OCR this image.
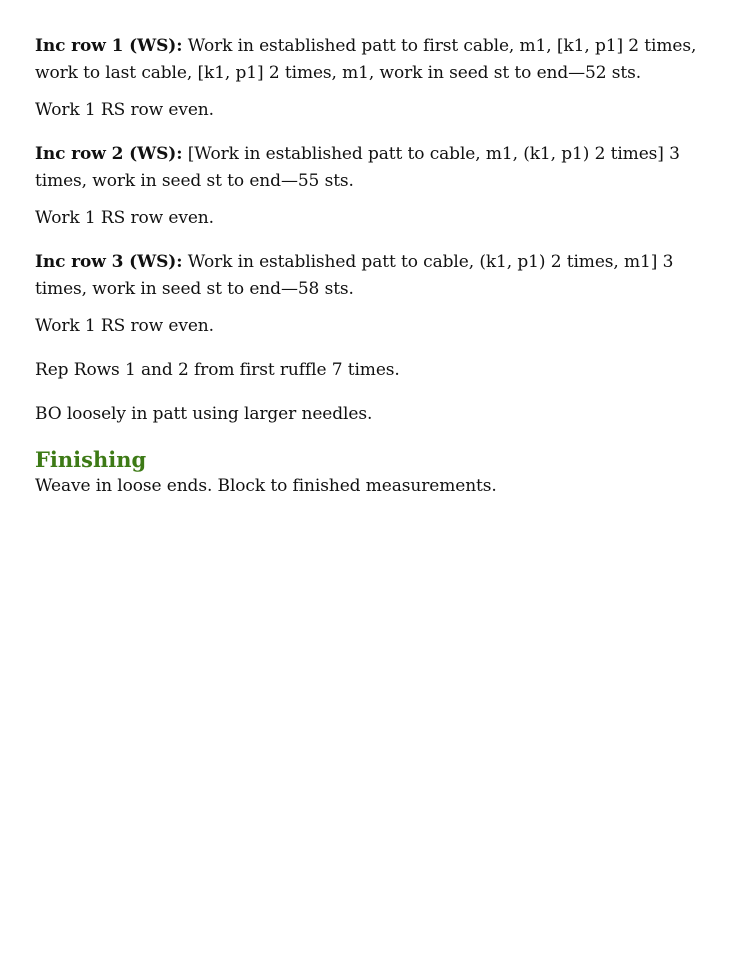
Inc row 1 (WS): Work in established patt to first cable, m1, [k1, p1] 2 times, work to last cable, [k1, p1] 2 times, m1, work in seed st to end—52 sts.

Work 1 RS row even.

Inc row 2 (WS): [Work in established patt to cable, m1, (k1, p1) 2 times] 3 times, work in seed st to end—55 sts.

Work 1 RS row even.

Inc row 3 (WS): Work in established patt to cable, (k1, p1) 2 times, m1] 3 times, work in seed st to end—58 sts.

Work 1 RS row even.

Rep Rows 1 and 2 from first ruffle 7 times.

BO loosely in patt using larger needles.

Finishing

Weave in loose ends. Block to finished measurements.
